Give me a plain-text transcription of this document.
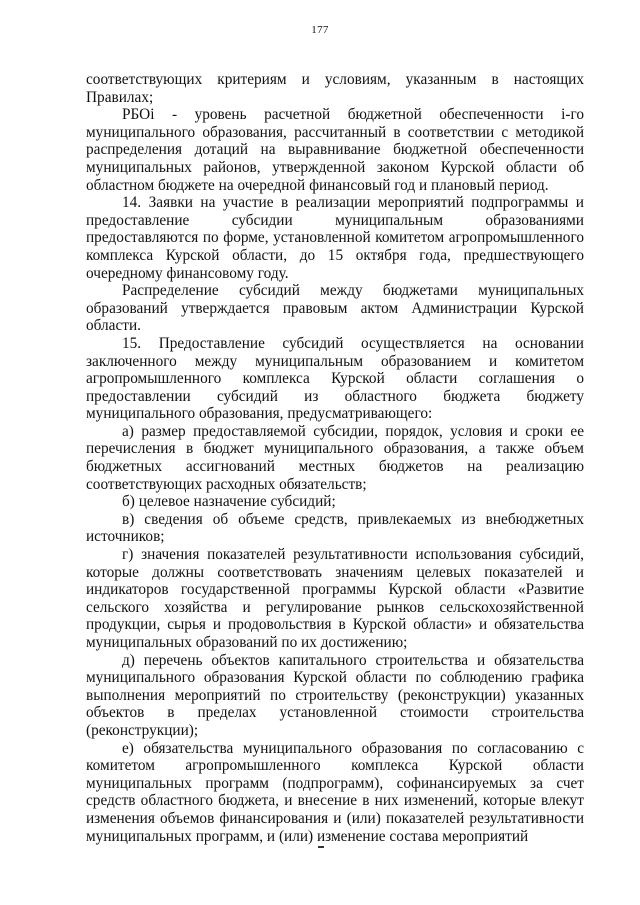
177

соответствующих критериям и условиям, указанным в настоящих Правилах;

РБОi - уровень расчетной бюджетной обеспеченности i-го муниципального образования, рассчитанный в соответствии с методикой распределения дотаций на выравнивание бюджетной обеспеченности муниципальных районов, утвержденной законом Курской области об областном бюджете на очередной финансовый год и плановый период.

14. Заявки на участие в реализации мероприятий подпрограммы и предоставление субсидии муниципальным образованиями предоставляются по форме, установленной комитетом агропромышленного комплекса Курской области, до 15 октября года, предшествующего очередному финансовому году.

Распределение субсидий между бюджетами муниципальных образований утверждается правовым актом Администрации Курской области.

15. Предоставление субсидий осуществляется на основании заключенного между муниципальным образованием и комитетом агропромышленного комплекса Курской области соглашения о предоставлении субсидий из областного бюджета бюджету муниципального образования, предусматривающего:

а) размер предоставляемой субсидии, порядок, условия и сроки ее перечисления в бюджет муниципального образования, а также объем бюджетных ассигнований местных бюджетов на реализацию соответствующих расходных обязательств;

б) целевое назначение субсидий;

в) сведения об объеме средств, привлекаемых из внебюджетных источников;

г) значения показателей результативности использования субсидий, которые должны соответствовать значениям целевых показателей и индикаторов государственной программы Курской области «Развитие сельского хозяйства и регулирование рынков сельскохозяйственной продукции, сырья и продовольствия в Курской области» и обязательства муниципальных образований по их достижению;

д) перечень объектов капитального строительства и обязательства муниципального образования Курской области по соблюдению графика выполнения мероприятий по строительству (реконструкции) указанных объектов в пределах установленной стоимости строительства (реконструкции);

е) обязательства муниципального образования по согласованию с комитетом агропромышленного комплекса Курской области муниципальных программ (подпрограмм), софинансируемых за счет средств областного бюджета, и внесение в них изменений, которые влекут изменения объемов финансирования и (или) показателей результативности муниципальных программ, и (или) изменение состава мероприятий
